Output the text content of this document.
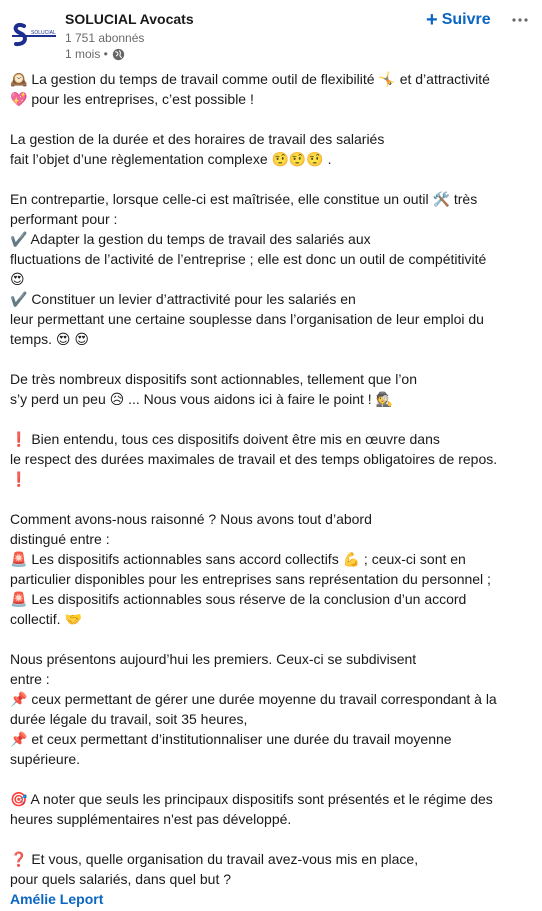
SOLUCIAL
SOLUCIAL Avocats
1 751 abonnés
1 mois •
+ Suivre
🕰️ La gestion du temps de travail comme outil de flexibilité 🤸 et d’attractivité
💖 pour les entreprises, c’est possible !
La gestion de la durée et des horaires de travail des salariés
fait l’objet d’une règlementation complexe 🤨🤨🤨 .
En contrepartie, lorsque celle-ci est maîtrisée, elle constitue un outil 🛠️ très
performant pour :
✔️ Adapter la gestion du temps de travail des salariés aux
fluctuations de l’activité de l’entreprise ; elle est donc un outil de compétitivité
😍
✔️ Constituer un levier d’attractivité pour les salariés en
leur permettant une certaine souplesse dans l’organisation de leur emploi du
temps. 😍 😍
De très nombreux dispositifs sont actionnables, tellement que l’on
s’y perd un peu 😥 ... Nous vous aidons ici à faire le point ! 🕵️
❗ Bien entendu, tous ces dispositifs doivent être mis en œuvre dans
le respect des durées maximales de travail et des temps obligatoires de repos.
❗
Comment avons-nous raisonné ? Nous avons tout d’abord
distingué entre :
🚨 Les dispositifs actionnables sans accord collectifs 💪 ; ceux-ci sont en
particulier disponibles pour les entreprises sans représentation du personnel ;
🚨 Les dispositifs actionnables sous réserve de la conclusion d’un accord
collectif. 🤝
Nous présentons aujourd’hui les premiers. Ceux-ci se subdivisent
entre :
📌 ceux permettant de gérer une durée moyenne du travail correspondant à la
durée légale du travail, soit 35 heures,
📌 et ceux permettant d’institutionnaliser une durée du travail moyenne
supérieure.
🎯 A noter que seuls les principaux dispositifs sont présentés et le régime des
heures supplémentaires n'est pas développé.
❓ Et vous, quelle organisation du travail avez-vous mis en place,
pour quels salariés, dans quel but ?
Amélie Leport
